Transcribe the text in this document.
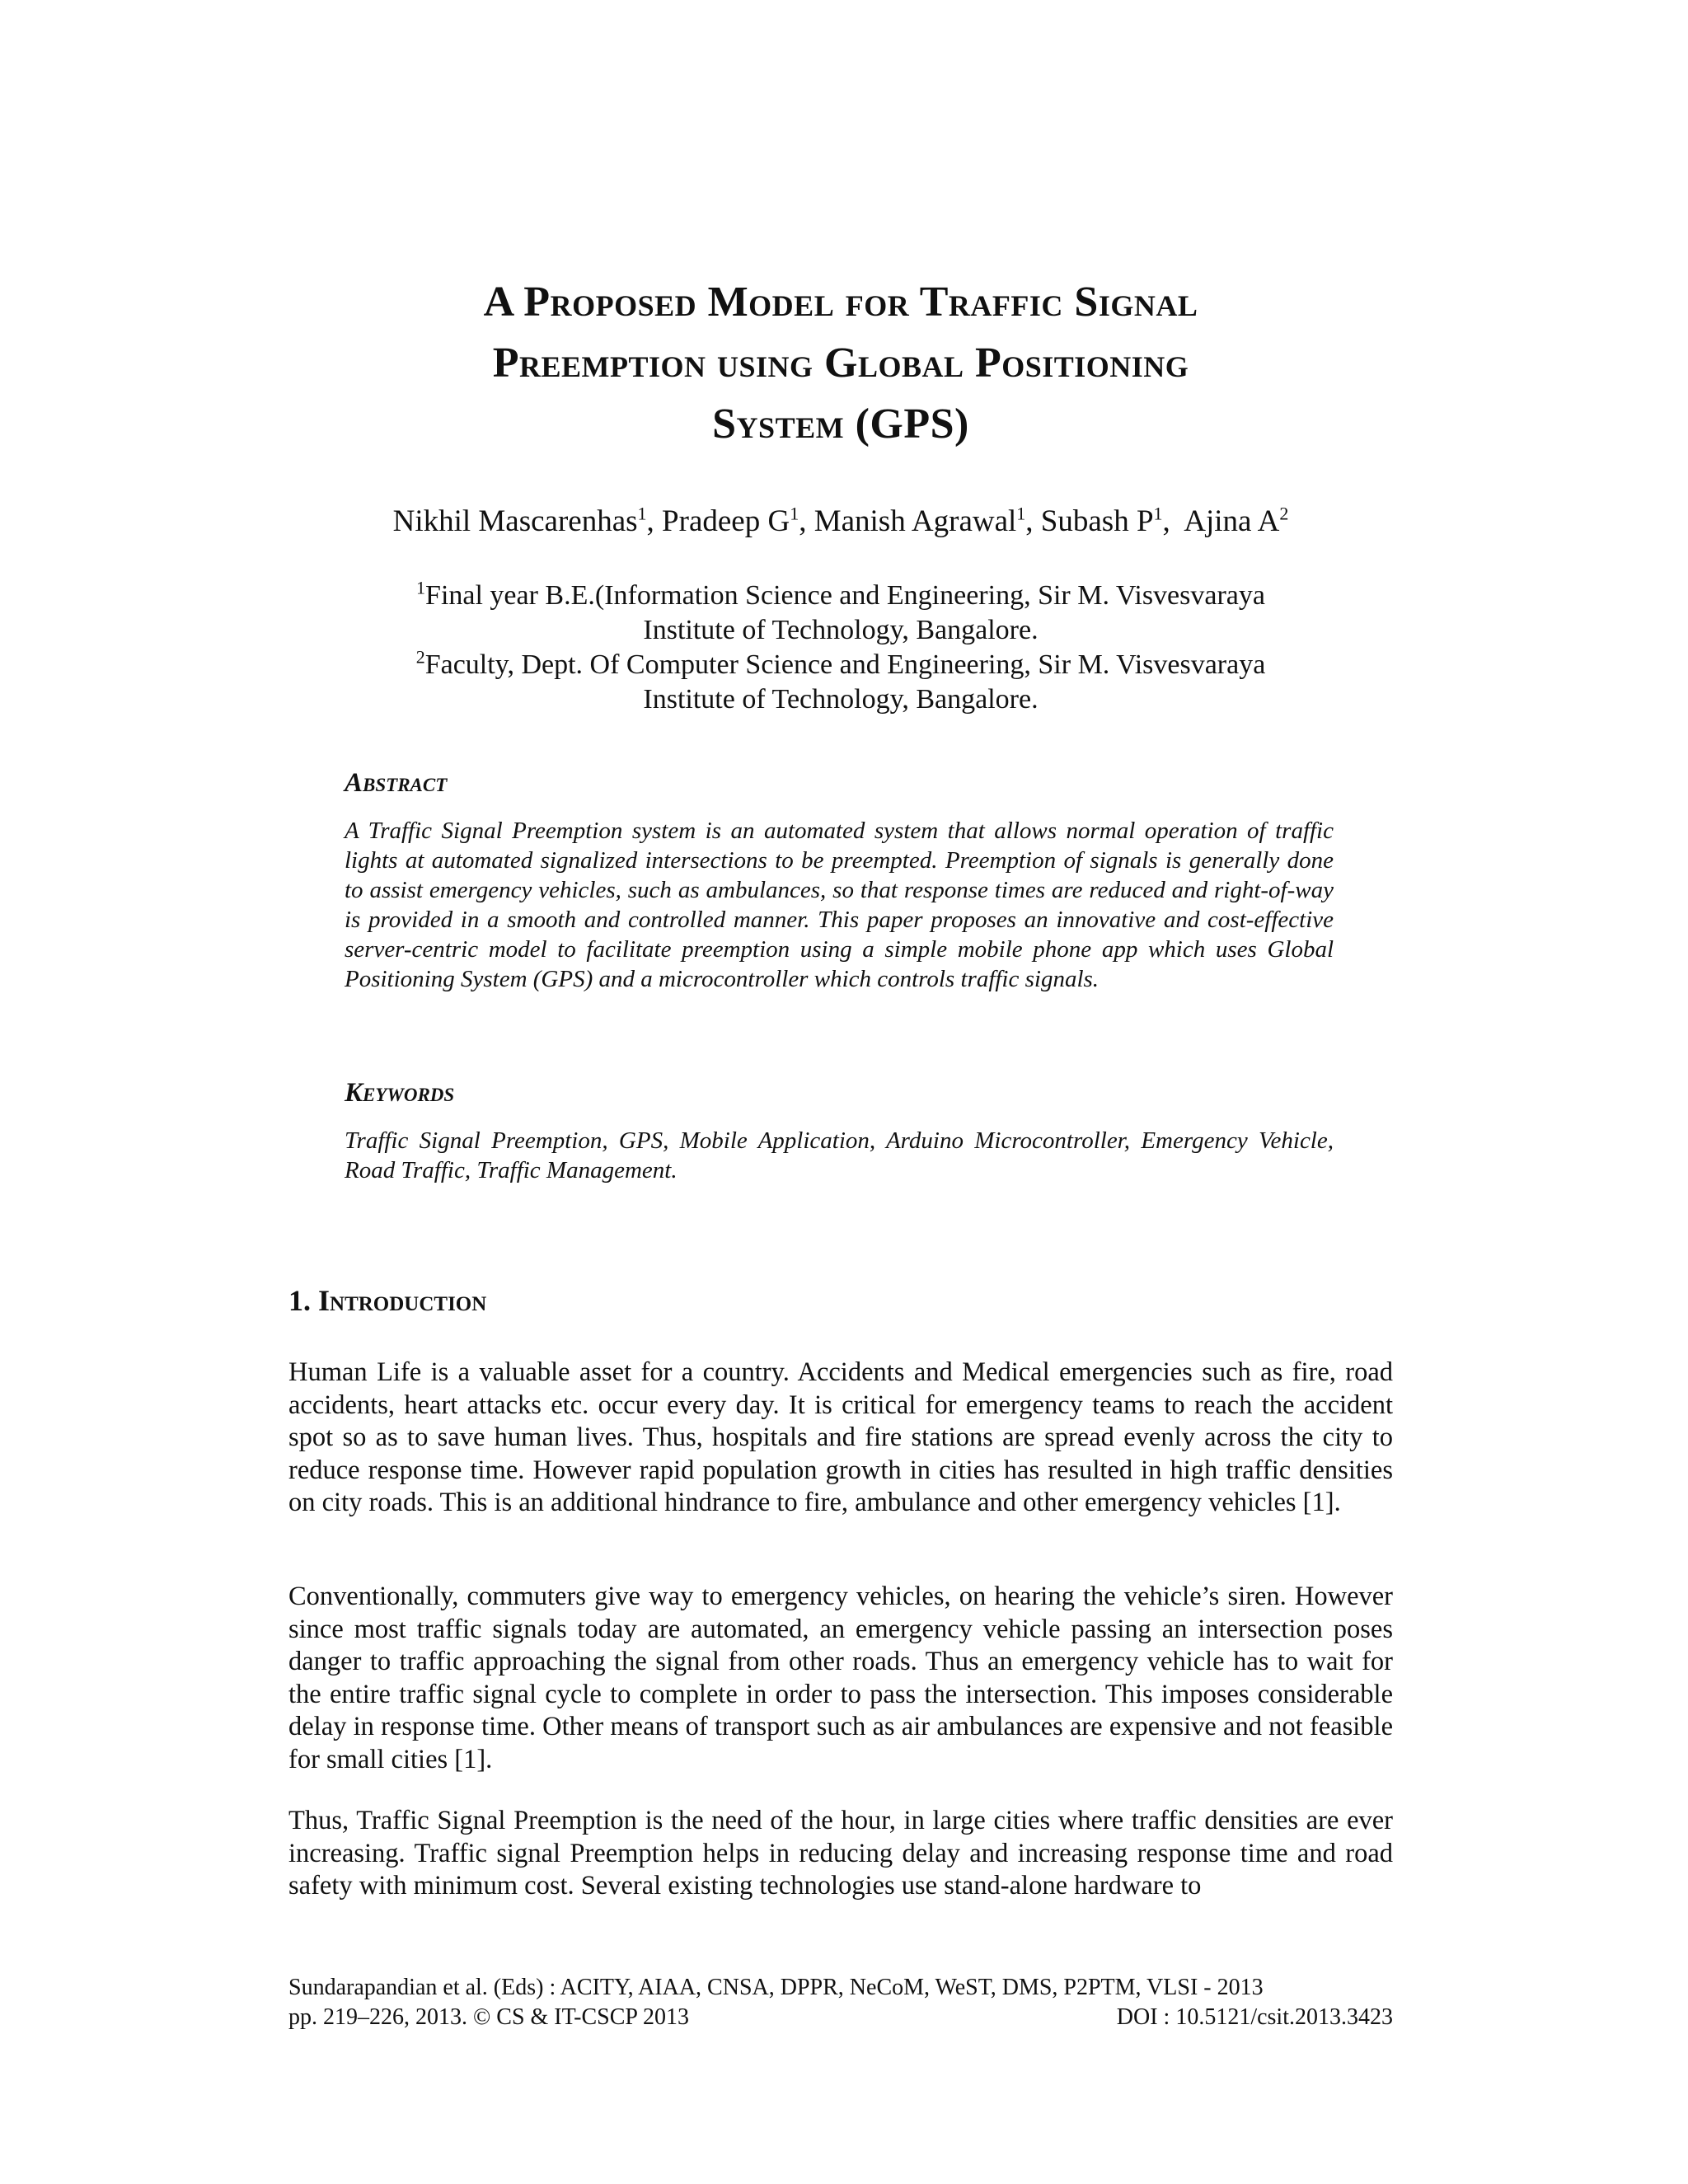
A Proposed Model for Traffic Signal
Preemption using Global Positioning
System (GPS)
Nikhil Mascarenhas$^1$, Pradeep $G^1$, Manish Agrawal$^1$, Subash $P^1$,  Ajina $A^2$
$^1$Final year B.E.(Information Science and Engineering, Sir M. Visvesvaraya
Institute of Technology, Bangalore.
$^2$Faculty, Dept. Of Computer Science and Engineering, Sir M. Visvesvaraya
Institute of Technology, Bangalore.
Abstract

A Traffic Signal Preemption system is an automated system that allows normal operation of traffic lights at automated signalized intersections to be preempted. Preemption of signals is generally done to assist emergency vehicles, such as ambulances, so that response times are reduced and right-of-way is provided in a smooth and controlled manner. This paper proposes an innovative and cost-effective server-centric model to facilitate preemption using a simple mobile phone app which uses Global Positioning System (GPS) and a microcontroller which controls traffic signals.

Keywords

Traffic Signal Preemption, GPS, Mobile Application, Arduino Microcontroller, Emergency Vehicle, Road Traffic, Traffic Management.

1. Introduction

Human Life is a valuable asset for a country. Accidents and Medical emergencies such as fire, road accidents, heart attacks etc. occur every day. It is critical for emergency teams to reach the accident spot so as to save human lives. Thus, hospitals and fire stations are spread evenly across the city to reduce response time. However rapid population growth in cities has resulted in high traffic densities on city roads. This is an additional hindrance to fire, ambulance and other emergency vehicles [1].

Conventionally, commuters give way to emergency vehicles, on hearing the vehicle’s siren. However since most traffic signals today are automated, an emergency vehicle passing an intersection poses danger to traffic approaching the signal from other roads. Thus an emergency vehicle has to wait for the entire traffic signal cycle to complete in order to pass the intersection. This imposes considerable delay in response time. Other means of transport such as air ambulances are expensive and not feasible for small cities [1].

Thus, Traffic Signal Preemption is the need of the hour, in large cities where traffic densities are ever increasing. Traffic signal Preemption helps in reducing delay and increasing response time and road safety with minimum cost. Several existing technologies use stand-alone hardware to

Sundarapandian et al. (Eds) : ACITY, AIAA, CNSA, DPPR, NeCoM, WeST, DMS, P2PTM, VLSI - 2013
pp. 219–226, 2013. © CS & IT-CSCP 2013	DOI : 10.5121/csit.2013.3423
